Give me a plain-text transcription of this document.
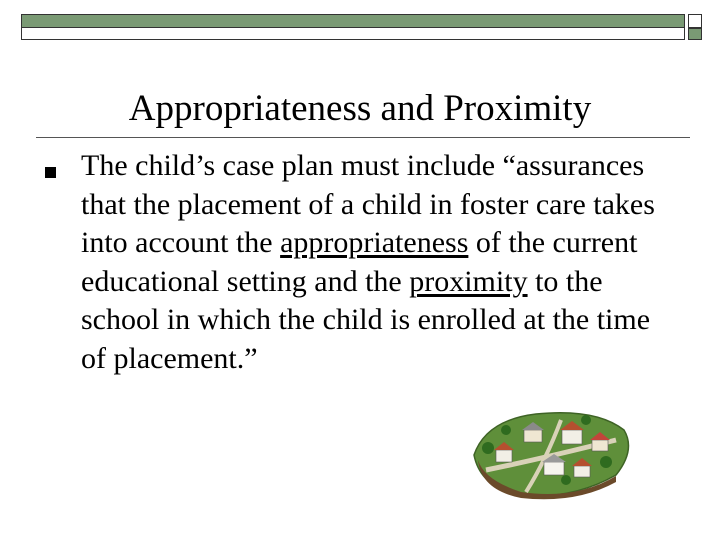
Appropriateness and Proximity
The child’s case plan must include “assurances that the placement of a child in foster care takes into account the appropriateness of the current educational setting and the proximity to the school in which the child is enrolled at the time of placement.”
